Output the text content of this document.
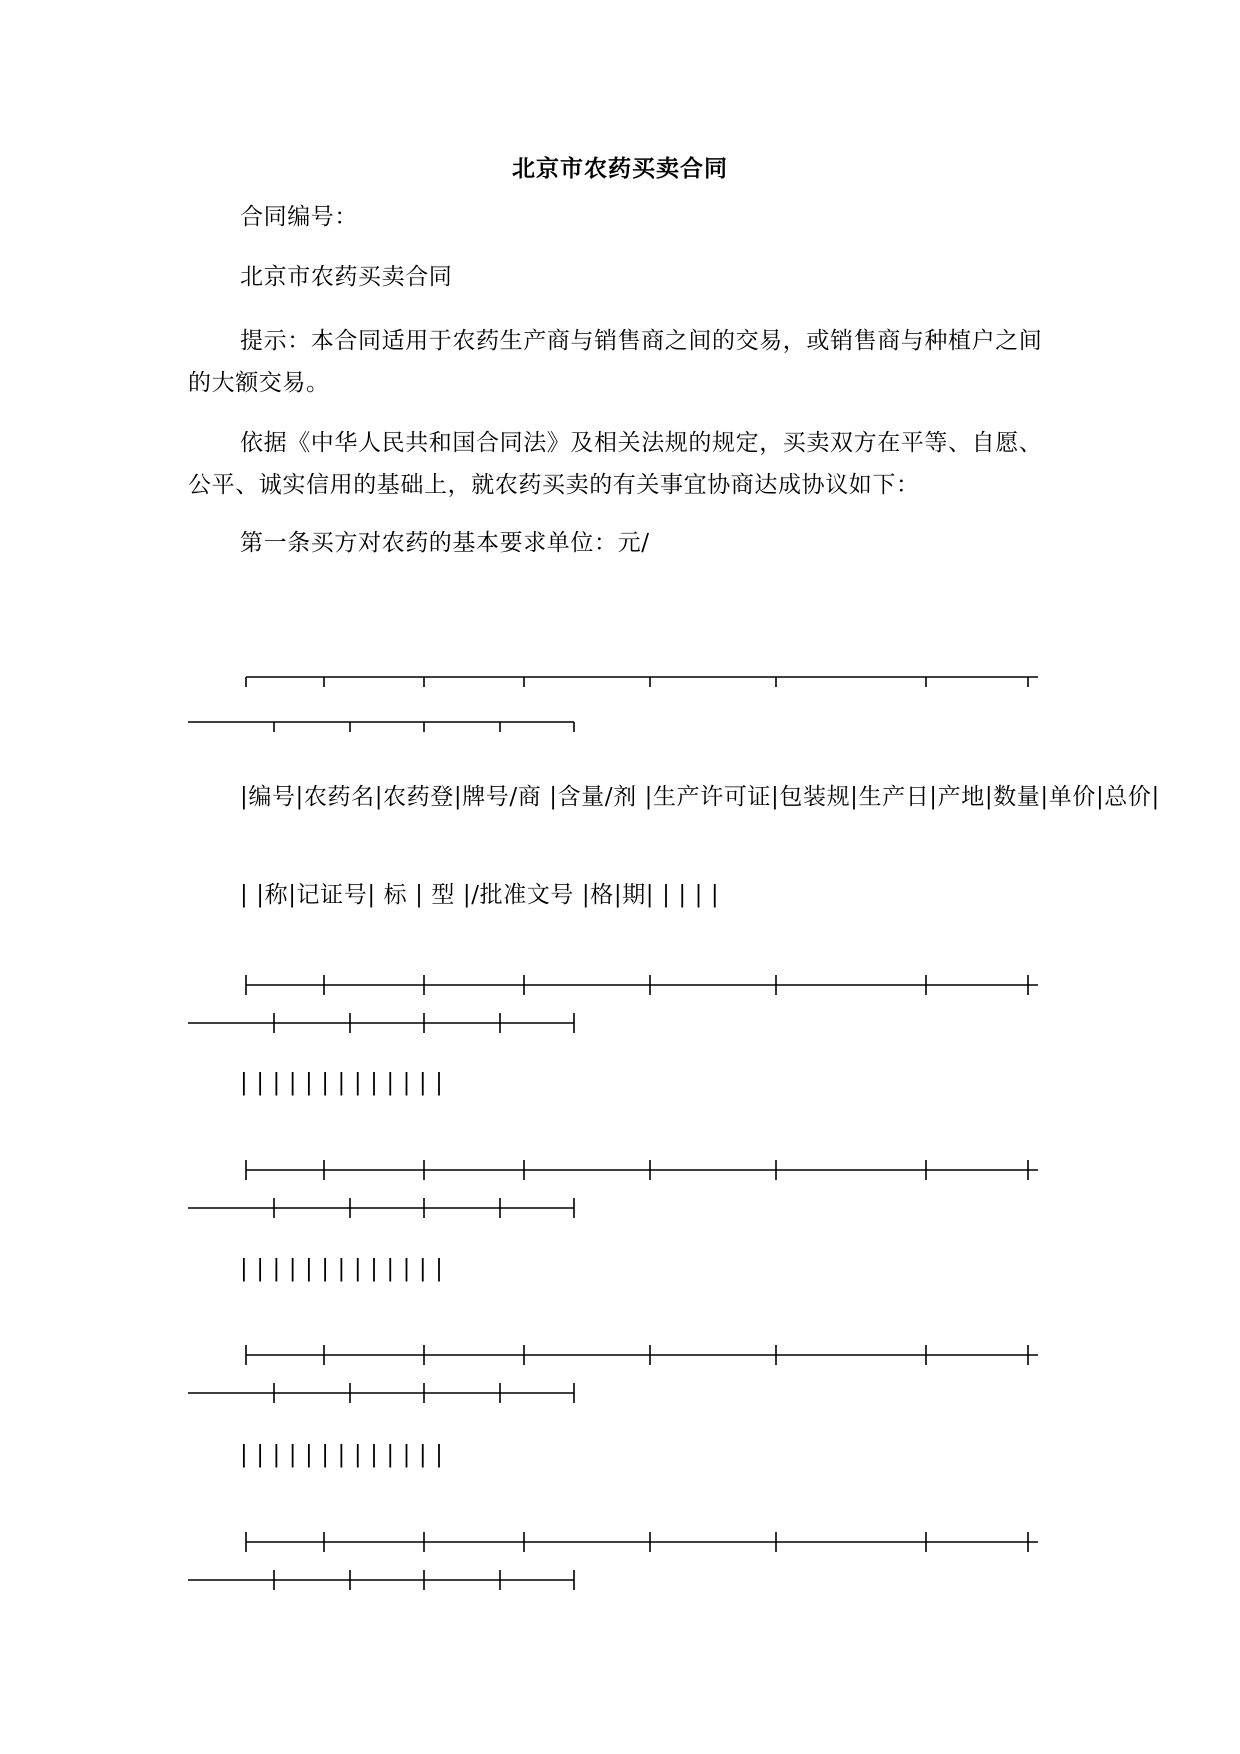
北京市农药买卖合同
合同编号：
北京市农药买卖合同
提示：本合同适用于农药生产商与销售商之间的交易，或销售商与种植户之间的大额交易。
依据《中华人民共和国合同法》及相关法规的规定，买卖双方在平等、自愿、公平、诚实信用的基础上，就农药买卖的有关事宜协商达成协议如下：
第一条买方对农药的基本要求单位：元/
|编号|农药名|农药登|牌号/商 |含量/剂 |生产许可证|包装规|生产日|产地|数量|单价|总价|
| |称|记证号| 标 | 型 |/批准文号 |格|期| | | | |
| | | | | | | | | | | | |
| | | | | | | | | | | | |
| | | | | | | | | | | | |
